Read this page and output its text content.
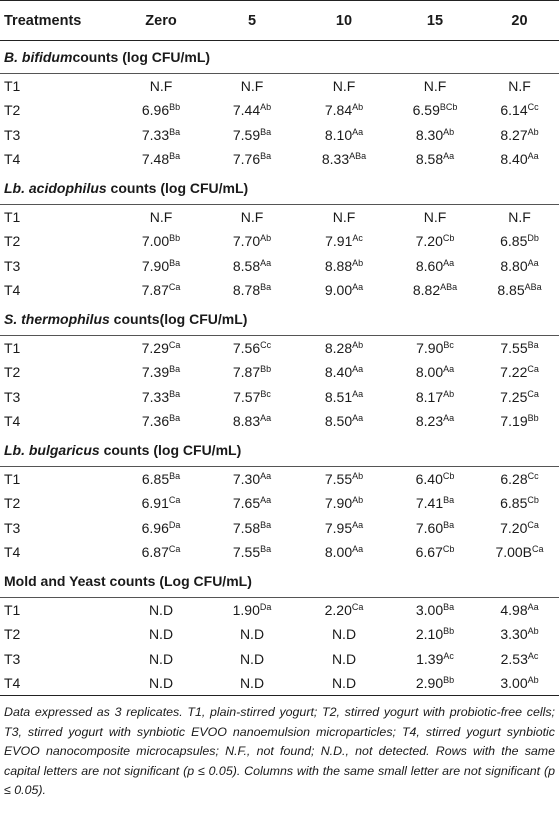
Treatments	Zero	5	10	15	20
B. bifidumcounts (log CFU/mL)					
T1	N.F	N.F	N.F	N.F	N.F
T2	$6.96^{Bb}$	$7.44^{Ab}$	$7.84^{Ab}$	$6.59^{BCb}$	$6.14^{Cc}$
T3	$7.33^{Ba}$	$7.59^{Ba}$	$8.10^{Aa}$	$8.30^{Ab}$	$8.27^{Ab}$
T4	$7.48^{Ba}$	$7.76^{Ba}$	$8.33^{ABa}$	$8.58^{Aa}$	$8.40^{Aa}$
Lb. acidophilus counts (log CFU/mL)					
T1	N.F	N.F	N.F	N.F	N.F
T2	$7.00^{Bb}$	$7.70^{Ab}$	$7.91^{Ac}$	$7.20^{Cb}$	$6.85^{Db}$
T3	$7.90^{Ba}$	$8.58^{Aa}$	$8.88^{Ab}$	$8.60^{Aa}$	$8.80^{Aa}$
T4	$7.87^{Ca}$	$8.78^{Ba}$	$9.00^{Aa}$	$8.82^{ABa}$	$8.85^{ABa}$
S. thermophilus counts(log CFU/mL)					
T1	$7.29^{Ca}$	$7.56^{Cc}$	$8.28^{Ab}$	$7.90^{Bc}$	$7.55^{Ba}$
T2	$7.39^{Ba}$	$7.87^{Bb}$	$8.40^{Aa}$	$8.00^{Aa}$	$7.22^{Ca}$
T3	$7.33^{Ba}$	$7.57^{Bc}$	$8.51^{Aa}$	$8.17^{Ab}$	$7.25^{Ca}$
T4	$7.36^{Ba}$	$8.83^{Aa}$	$8.50^{Aa}$	$8.23^{Aa}$	$7.19^{Bb}$
Lb. bulgaricus counts (log CFU/mL)					
T1	$6.85^{Ba}$	$7.30^{Aa}$	$7.55^{Ab}$	$6.40^{Cb}$	$6.28^{Cc}$
T2	$6.91^{Ca}$	$7.65^{Aa}$	$7.90^{Ab}$	$7.41^{Ba}$	$6.85^{Cb}$
T3	$6.96^{Da}$	$7.58^{Ba}$	$7.95^{Aa}$	$7.60^{Ba}$	$7.20^{Ca}$
T4	$6.87^{Ca}$	$7.55^{Ba}$	$8.00^{Aa}$	$6.67^{Cb}$	$7.00B^{Ca}$
Mold and Yeast counts (Log CFU/mL)					
T1	N.D	$1.90^{Da}$	$2.20^{Ca}$	$3.00^{Ba}$	$4.98^{Aa}$
T2	N.D	N.D	N.D	$2.10^{Bb}$	$3.30^{Ab}$
T3	N.D	N.D	N.D	$1.39^{Ac}$	$2.53^{Ac}$
T4	N.D	N.D	N.D	$2.90^{Bb}$	$3.00^{Ab}$
Data expressed as 3 replicates. T1, plain-stirred yogurt; T2, stirred yogurt with probiotic-free cells; T3, stirred yogurt with synbiotic EVOO nanoemulsion microparticles; T4, stirred yogurt synbiotic EVOO nanocomposite microcapsules; N.F., not found; N.D., not detected. Rows with the same capital letters are not significant (p ≤ 0.05). Columns with the same small letter are not significant (p ≤ 0.05).
